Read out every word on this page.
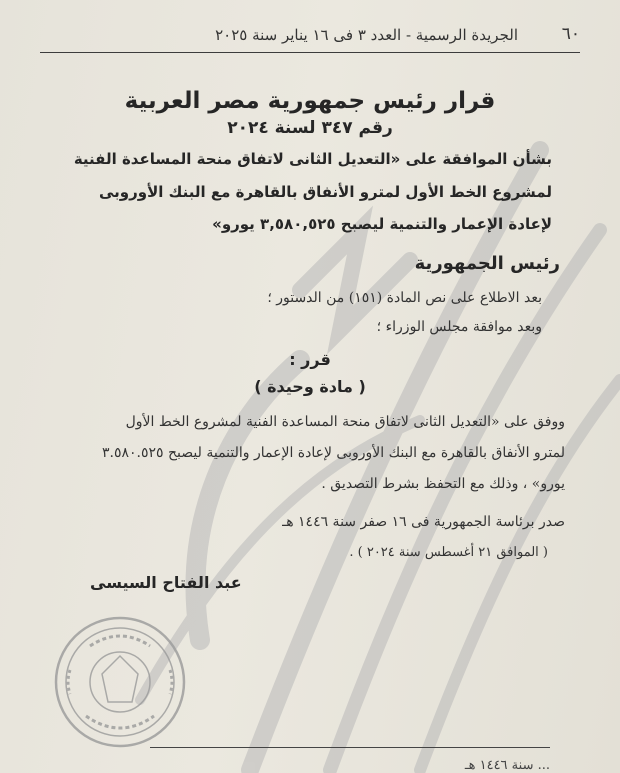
٦٠
الجريدة الرسمية - العدد ٣ فى ١٦ يناير سنة ٢٠٢٥
قرار رئيس جمهورية مصر العربية
رقم ٣٤٧ لسنة ٢٠٢٤
بشأن الموافقة على «التعديل الثانى لاتفاق منحة المساعدة الفنية
لمشروع الخط الأول لمترو الأنفاق بالقاهرة مع البنك الأوروبى
لإعادة الإعمار والتنمية ليصبح ٣,٥٨٠,٥٢٥ يورو»
رئيس الجمهورية
بعد الاطلاع على نص المادة (١٥١) من الدستور ؛
وبعد موافقة مجلس الوزراء ؛
قرر :
( مادة وحيدة )
ووفق على «التعديل الثانى لاتفاق منحة المساعدة الفنية لمشروع الخط الأول
لمترو الأنفاق بالقاهرة مع البنك الأوروبى لإعادة الإعمار والتنمية ليصبح ٣.٥٨٠.٥٢٥
يورو» ، وذلك مع التحفظ بشرط التصديق .
صدر برئاسة الجمهورية فى ١٦ صفر سنة ١٤٤٦ هـ
( الموافق ٢١ أغسطس سنة ٢٠٢٤ ) .
عبد الفتاح السيسى
... سنة ١٤٤٦ هـ
